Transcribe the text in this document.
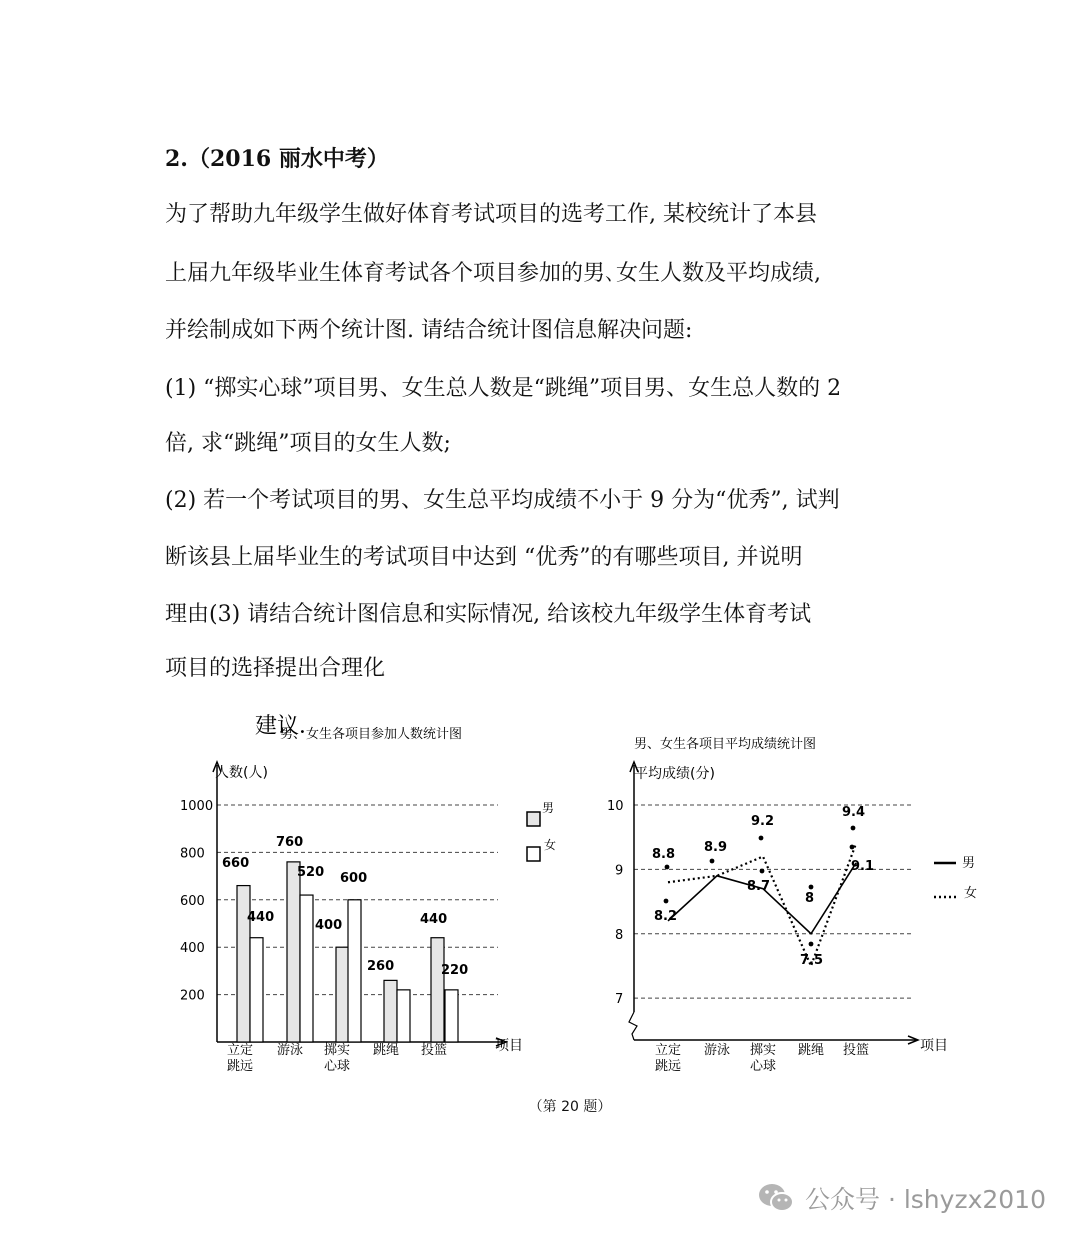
2.（2016 丽水中考）
为了帮助九年级学生做好体育考试项目的选考工作, 某校统计了本县
上届九年级毕业生体育考试各个项目参加的男､女生人数及平均成绩,
并绘制成如下两个统计图. 请结合统计图信息解决问题:
(1) “掷实心球”项目男、女生总人数是“跳绳”项目男、女生总人数的 2
倍, 求“跳绳”项目的女生人数;
(2) 若一个考试项目的男、女生总平均成绩不小于 9 分为“优秀”, 试判
断该县上届毕业生的考试项目中达到 “优秀”的有哪些项目, 并说明
理由(3) 请结合统计图信息和实际情况, 给该校九年级学生体育考试
项目的选择提出合理化
200
400
600
800
1000
人数(人)
项目
男、女生各项目参加人数统计图
660
760
400
260
440
440
520 600
220
立定
跳远
游泳 掷实
心球
跳绳 投篮
男
女
7
8
9
10
平均成绩(分)
项目
男、女生各项目平均成绩统计图
立定
跳远
游泳 掷实
心球
跳绳 投篮
8.8
8.2
8.9
9.2
8.7
8
7.5
9.4
9.1	男
女
建议．
（第 20 题）
公众号 · lshyzx2010
